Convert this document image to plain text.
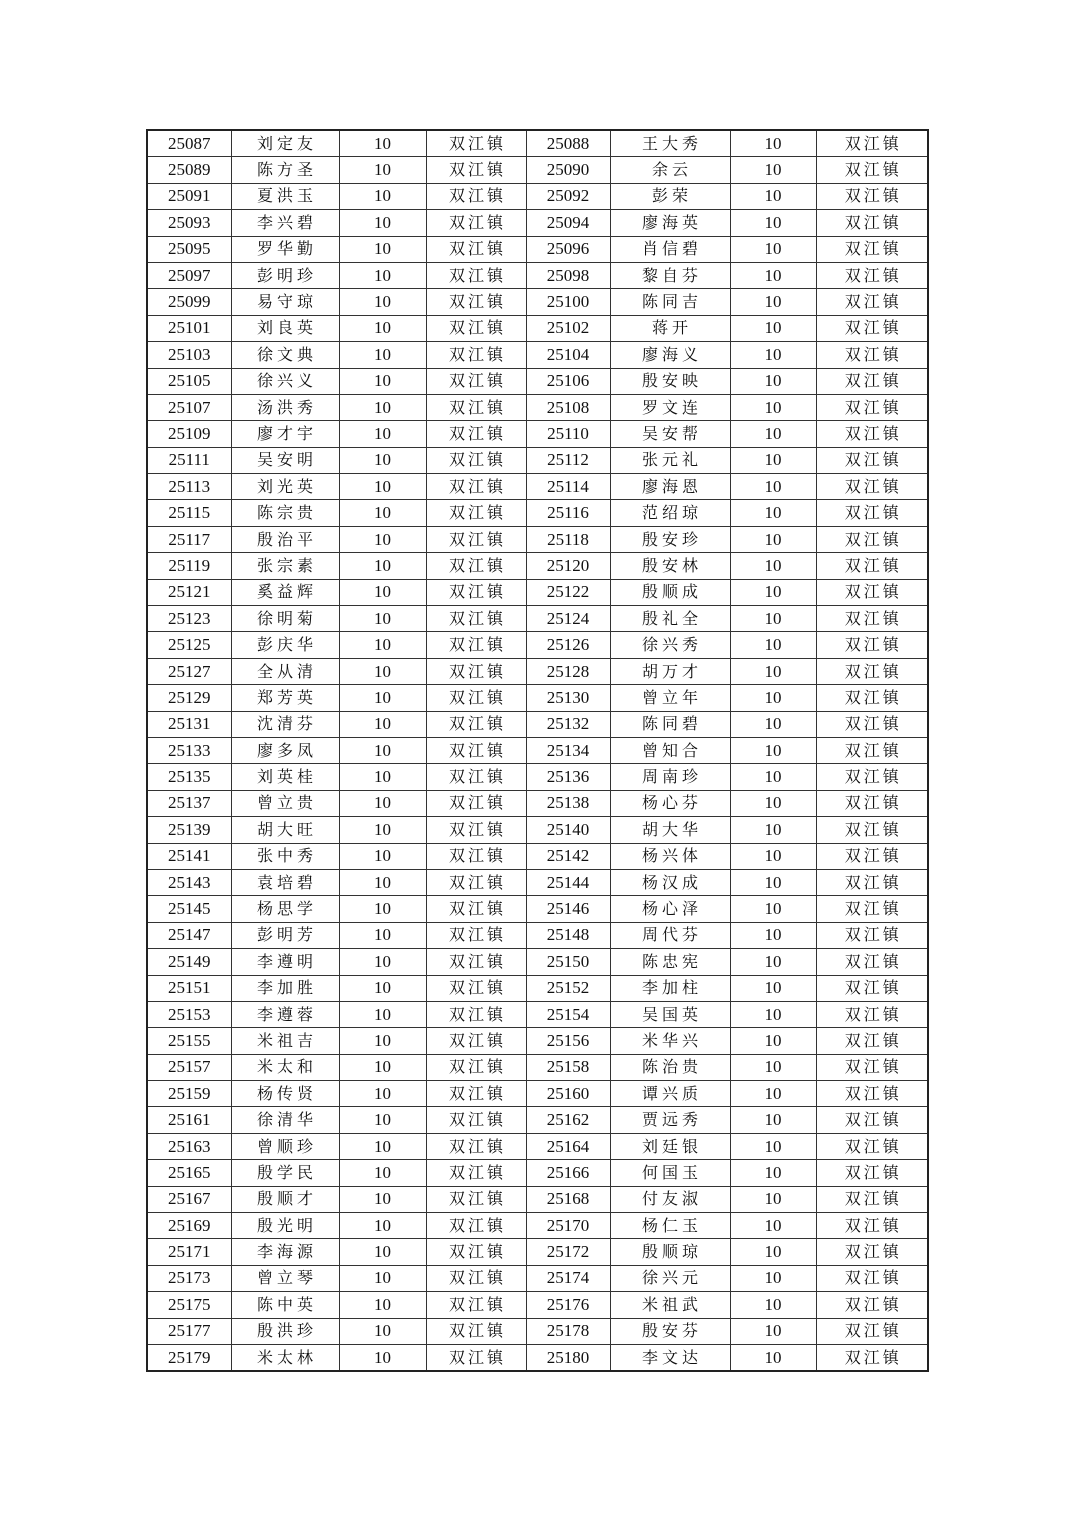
25087	刘定友	10	双江镇	25088	王大秀	10	双江镇
25089	陈方圣	10	双江镇	25090	余云	10	双江镇
25091	夏洪玉	10	双江镇	25092	彭荣	10	双江镇
25093	李兴碧	10	双江镇	25094	廖海英	10	双江镇
25095	罗华勤	10	双江镇	25096	肖信碧	10	双江镇
25097	彭明珍	10	双江镇	25098	黎自芬	10	双江镇
25099	易守琼	10	双江镇	25100	陈同吉	10	双江镇
25101	刘良英	10	双江镇	25102	蒋开	10	双江镇
25103	徐文典	10	双江镇	25104	廖海义	10	双江镇
25105	徐兴义	10	双江镇	25106	殷安映	10	双江镇
25107	汤洪秀	10	双江镇	25108	罗文连	10	双江镇
25109	廖才宇	10	双江镇	25110	吴安帮	10	双江镇
25111	吴安明	10	双江镇	25112	张元礼	10	双江镇
25113	刘光英	10	双江镇	25114	廖海恩	10	双江镇
25115	陈宗贵	10	双江镇	25116	范绍琼	10	双江镇
25117	殷治平	10	双江镇	25118	殷安珍	10	双江镇
25119	张宗素	10	双江镇	25120	殷安林	10	双江镇
25121	奚益辉	10	双江镇	25122	殷顺成	10	双江镇
25123	徐明菊	10	双江镇	25124	殷礼全	10	双江镇
25125	彭庆华	10	双江镇	25126	徐兴秀	10	双江镇
25127	全从清	10	双江镇	25128	胡万才	10	双江镇
25129	郑芳英	10	双江镇	25130	曾立年	10	双江镇
25131	沈清芬	10	双江镇	25132	陈同碧	10	双江镇
25133	廖多凤	10	双江镇	25134	曾知合	10	双江镇
25135	刘英桂	10	双江镇	25136	周南珍	10	双江镇
25137	曾立贵	10	双江镇	25138	杨心芬	10	双江镇
25139	胡大旺	10	双江镇	25140	胡大华	10	双江镇
25141	张中秀	10	双江镇	25142	杨兴体	10	双江镇
25143	袁培碧	10	双江镇	25144	杨汉成	10	双江镇
25145	杨思学	10	双江镇	25146	杨心泽	10	双江镇
25147	彭明芳	10	双江镇	25148	周代芬	10	双江镇
25149	李遵明	10	双江镇	25150	陈忠宪	10	双江镇
25151	李加胜	10	双江镇	25152	李加柱	10	双江镇
25153	李遵蓉	10	双江镇	25154	吴国英	10	双江镇
25155	米祖吉	10	双江镇	25156	米华兴	10	双江镇
25157	米太和	10	双江镇	25158	陈治贵	10	双江镇
25159	杨传贤	10	双江镇	25160	谭兴质	10	双江镇
25161	徐清华	10	双江镇	25162	贾远秀	10	双江镇
25163	曾顺珍	10	双江镇	25164	刘廷银	10	双江镇
25165	殷学民	10	双江镇	25166	何国玉	10	双江镇
25167	殷顺才	10	双江镇	25168	付友淑	10	双江镇
25169	殷光明	10	双江镇	25170	杨仁玉	10	双江镇
25171	李海源	10	双江镇	25172	殷顺琼	10	双江镇
25173	曾立琴	10	双江镇	25174	徐兴元	10	双江镇
25175	陈中英	10	双江镇	25176	米祖武	10	双江镇
25177	殷洪珍	10	双江镇	25178	殷安芬	10	双江镇
25179	米太林	10	双江镇	25180	李文达	10	双江镇
